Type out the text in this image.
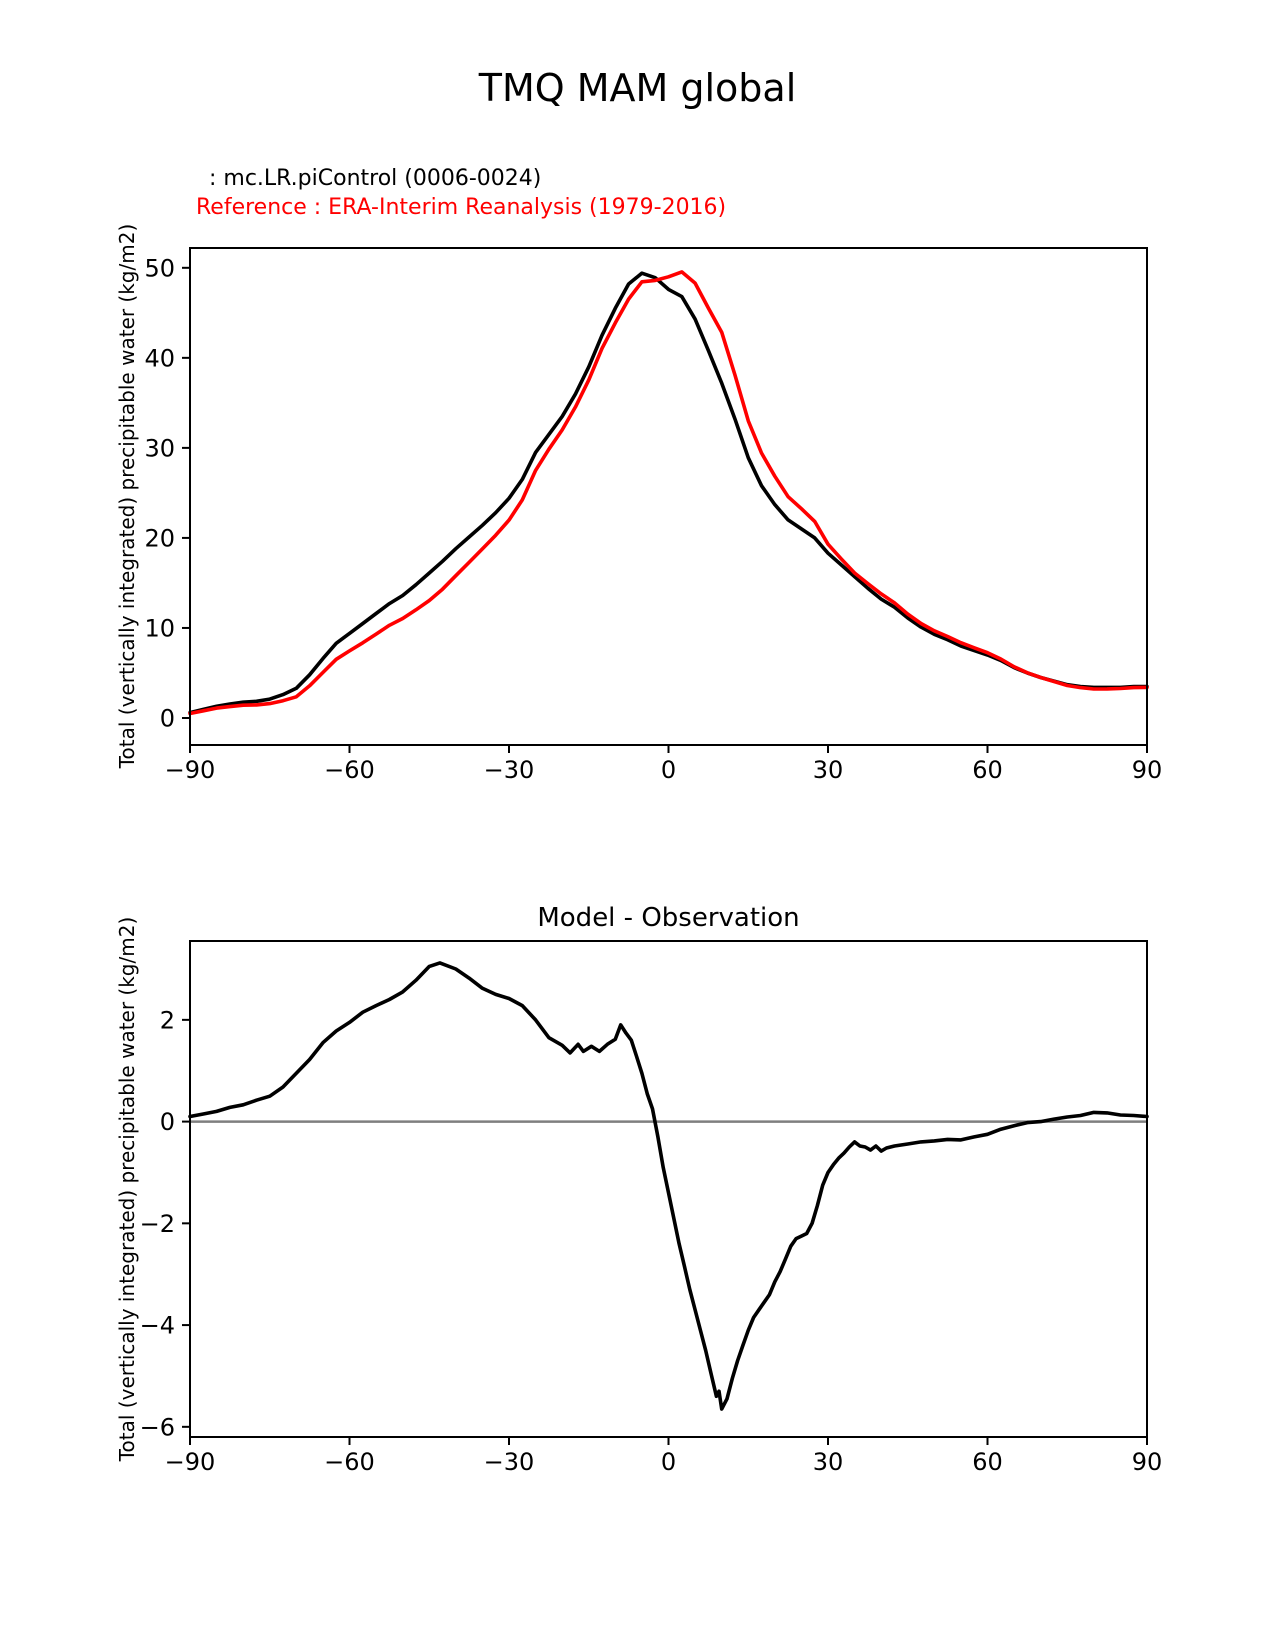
TMQ MAM global
: mc.LR.piControl (0006-0024)
Reference : ERA-Interim Reanalysis (1979-2016)
Total (vertically integrated) precipitable water (kg/m2)
Total (vertically integrated) precipitable water (kg/m2)	Model - Observation
−90	−60	−30	0	30	60	90
0
10
20
30
40
50
−90	−60	−30	0	30	60	90
2
0
−2
−4
−6
